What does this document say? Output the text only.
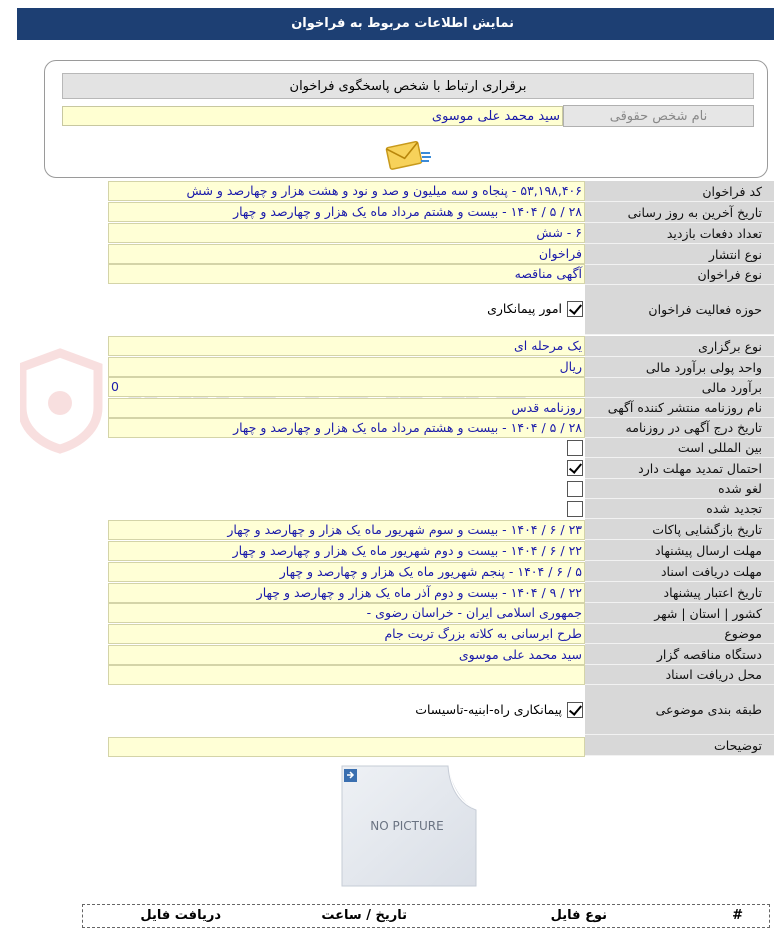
نمایش اطلاعات مربوط به فراخوان
برقراری ارتباط با شخص پاسخگوی فراخوان
نام شخص حقوقی
سید محمد علی موسوی
کد فراخوان
۵۳,۱۹۸,۴۰۶ - پنجاه و سه میلیون و صد و نود و هشت هزار و چهارصد و شش
تاریخ آخرین به روز رسانی
۲۸ / ۵ / ۱۴۰۴ - بیست و هشتم مرداد ماه یک هزار و چهارصد و چهار
تعداد دفعات بازدید
۶ - شش
نوع انتشار
فراخوان
نوع فراخوان
آگهی مناقصه
حوزه فعالیت فراخوان
امور پیمانکاری
نوع برگزاری
یک مرحله ای
واحد پولی برآورد مالی
ریال
برآورد مالی
0
نام روزنامه منتشر کننده آگهی
روزنامه قدس
تاریخ درج آگهی در روزنامه
۲۸ / ۵ / ۱۴۰۴ - بیست و هشتم مرداد ماه یک هزار و چهارصد و چهار
بین المللی است
احتمال تمدید مهلت دارد
لغو شده
تجدید شده
تاریخ بازگشایی پاکات
۲۳ / ۶ / ۱۴۰۴ - بیست و سوم شهریور ماه یک هزار و چهارصد و چهار
مهلت ارسال پیشنهاد
۲۲ / ۶ / ۱۴۰۴ - بیست و دوم شهریور ماه یک هزار و چهارصد و چهار
مهلت دریافت اسناد
۵ / ۶ / ۱۴۰۴ - پنجم شهریور ماه یک هزار و چهارصد و چهار
تاریخ اعتبار پیشنهاد
۲۲ / ۹ / ۱۴۰۴ - بیست و دوم آذر ماه یک هزار و چهارصد و چهار
کشور | استان | شهر
جمهوری اسلامی ایران - خراسان رضوی -
موضوع
طرح ابرسانی به کلاته بزرگ تربت جام
دستگاه مناقصه گزار
سید محمد علی موسوی
محل دریافت اسناد
طبقه بندی موضوعی
پیمانکاری راه-ابنیه-تاسیسات
توضیحات
NO PICTURE
#
نوع فایل
تاریخ / ساعت
دریافت فایل
